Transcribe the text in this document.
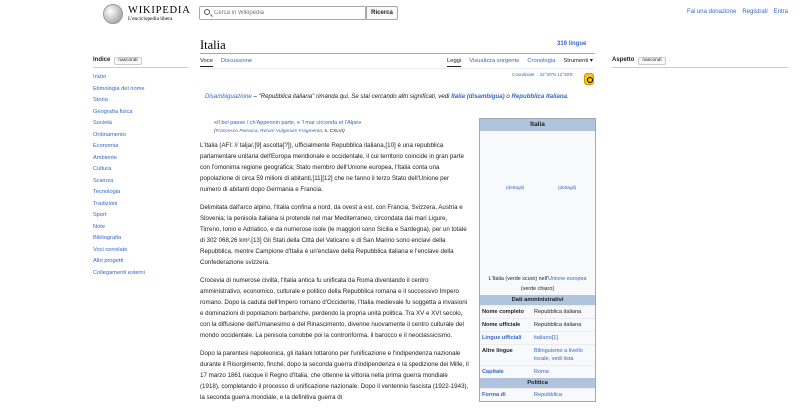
WIKIPEDIA
L'enciclopedia libera
Cerca in Wikipedia
Ricerca	Fai una donazione Registrati Entra
Italia	319 lingue
Voce Discussione	Leggi Visualizza sorgente Cronologia Strumenti ▾
Indice nascondi
Inizio
Etimologia del nome
Storia
Geografia fisica
Società
Ordinamento
Economia
Ambiente
Cultura
Scienza
Tecnologia
Tradizioni
Sport
Note
Bibliografia
Voci correlate
Altri progetti
Collegamenti esterni
Aspetto nascondi
Coordinate 42°30′N 12°30′E
Disambiguazione – "Repubblica italiana" rimanda qui. Se stai cercando altri significati, vedi Italia (disambigua) o Repubblica Italiana.
«Il bel paese / ch'Appennin parte, e 'l mar circonda et l'Alpe»
(Francesco Petrarca, Rerum Vulgarium Fragmenta, s. CXLVI)
Italia
(dettagli)	(dettagli)
L'Italia (verde scuro) nell'Unione europea (verde chiaro)
Dati amministrativi
Nome completo	Repubblica italiana
Nome ufficiale	Repubblica italiana
Lingue ufficiali	italiano[1]
Altre lingue	Bilinguismo a livello locale, vedi lista
Capitale	Roma
Politica
Forma di	Repubblica

L'Italia (AFI: /iˈtalja/,[9] ascolta[?]), ufficialmente Repubblica italiana,[10] è una repubblica parlamentare unitaria dell'Europa meridionale e occidentale, il cui territorio coincide in gran parte con l'omonima regione geografica; Stato membro dell'Unione europea, l'Italia conta una popolazione di circa 59 milioni di abitanti,[11][12] che ne fanno il terzo Stato dell'Unione per numero di abitanti dopo Germania e Francia.

Delimitata dall'arco alpino, l'Italia confina a nord, da ovest a est, con Francia, Svizzera, Austria e Slovenia; la penisola italiana si protende nel mar Mediterraneo, circondata dai mari Ligure, Tirreno, Ionio e Adriatico, e da numerose isole (le maggiori sono Sicilia e Sardegna), per un totale di 302 068,26 km².[13] Gli Stati della Città del Vaticano e di San Marino sono enclavi della Repubblica, mentre Campione d'Italia è un'enclave della Repubblica italiana e l'enclave della Confederazione svizzera.

Crocevia di numerose civiltà, l'Italia antica fu unificata da Roma diventando il centro amministrativo, economico, culturale e politico della Repubblica romana e il successivo Impero romano. Dopo la caduta dell'Impero romano d'Occidente, l'Italia medievale fu soggetta a invasioni e dominazioni di popolazioni barbariche, perdendo la propria unità politica. Tra XV e XVI secolo, con la diffusione dell'Umanesimo e del Rinascimento, divenne nuovamente il centro culturale del mondo occidentale. La penisola conobbe poi la controriforma, il barocco e il neoclassicismo.

Dopo la parentesi napoleonica, gli italiani lottarono per l'unificazione e l'indipendenza nazionale durante il Risorgimento, finché, dopo la seconda guerra d'indipendenza e la spedizione dei Mille, il 17 marzo 1861 nacque il Regno d'Italia, che ottenne la vittoria nella prima guerra mondiale (1918), completando il processo di unificazione nazionale. Dopo il ventennio fascista (1922-1943), la seconda guerra mondiale, e la definitiva guerra di
